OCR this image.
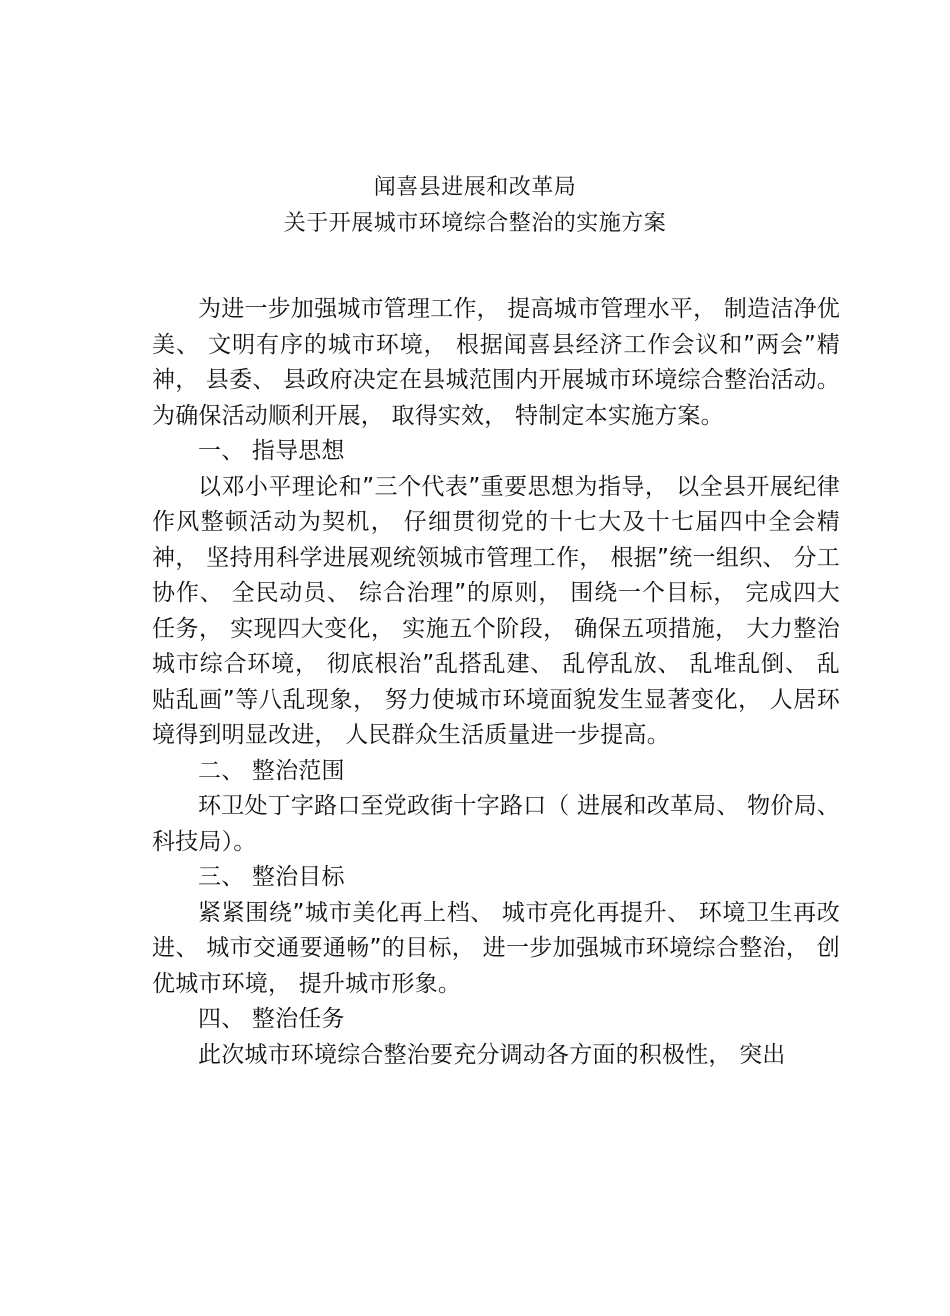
闻喜县进展和改革局
关于开展城市环境综合整治的实施方案

为进一步加强城市管理工作， 提高城市管理水平， 制造洁净优美、 文明有序的城市环境， 根据闻喜县经济工作会议和”两会”精神， 县委、 县政府决定在县城范围内开展城市环境综合整治活动。为确保活动顺利开展， 取得实效， 特制定本实施方案。

一、 指导思想

以邓小平理论和”三个代表”重要思想为指导， 以全县开展纪律作风整顿活动为契机， 仔细贯彻党的十七大及十七届四中全会精神， 坚持用科学进展观统领城市管理工作， 根据”统一组织、 分工协作、 全民动员、 综合治理”的原则， 围绕一个目标， 完成四大任务， 实现四大变化， 实施五个阶段， 确保五项措施， 大力整治城市综合环境， 彻底根治”乱搭乱建、 乱停乱放、 乱堆乱倒、 乱贴乱画”等八乱现象， 努力使城市环境面貌发生显著变化， 人居环境得到明显改进， 人民群众生活质量进一步提高。

二、 整治范围

环卫处丁字路口至党政街十字路口（ 进展和改革局、 物价局、 科技局）。

三、 整治目标

紧紧围绕”城市美化再上档、 城市亮化再提升、 环境卫生再改进、 城市交通要通畅”的目标， 进一步加强城市环境综合整治， 创优城市环境， 提升城市形象。

四、 整治任务

此次城市环境综合整治要充分调动各方面的积极性， 突出
